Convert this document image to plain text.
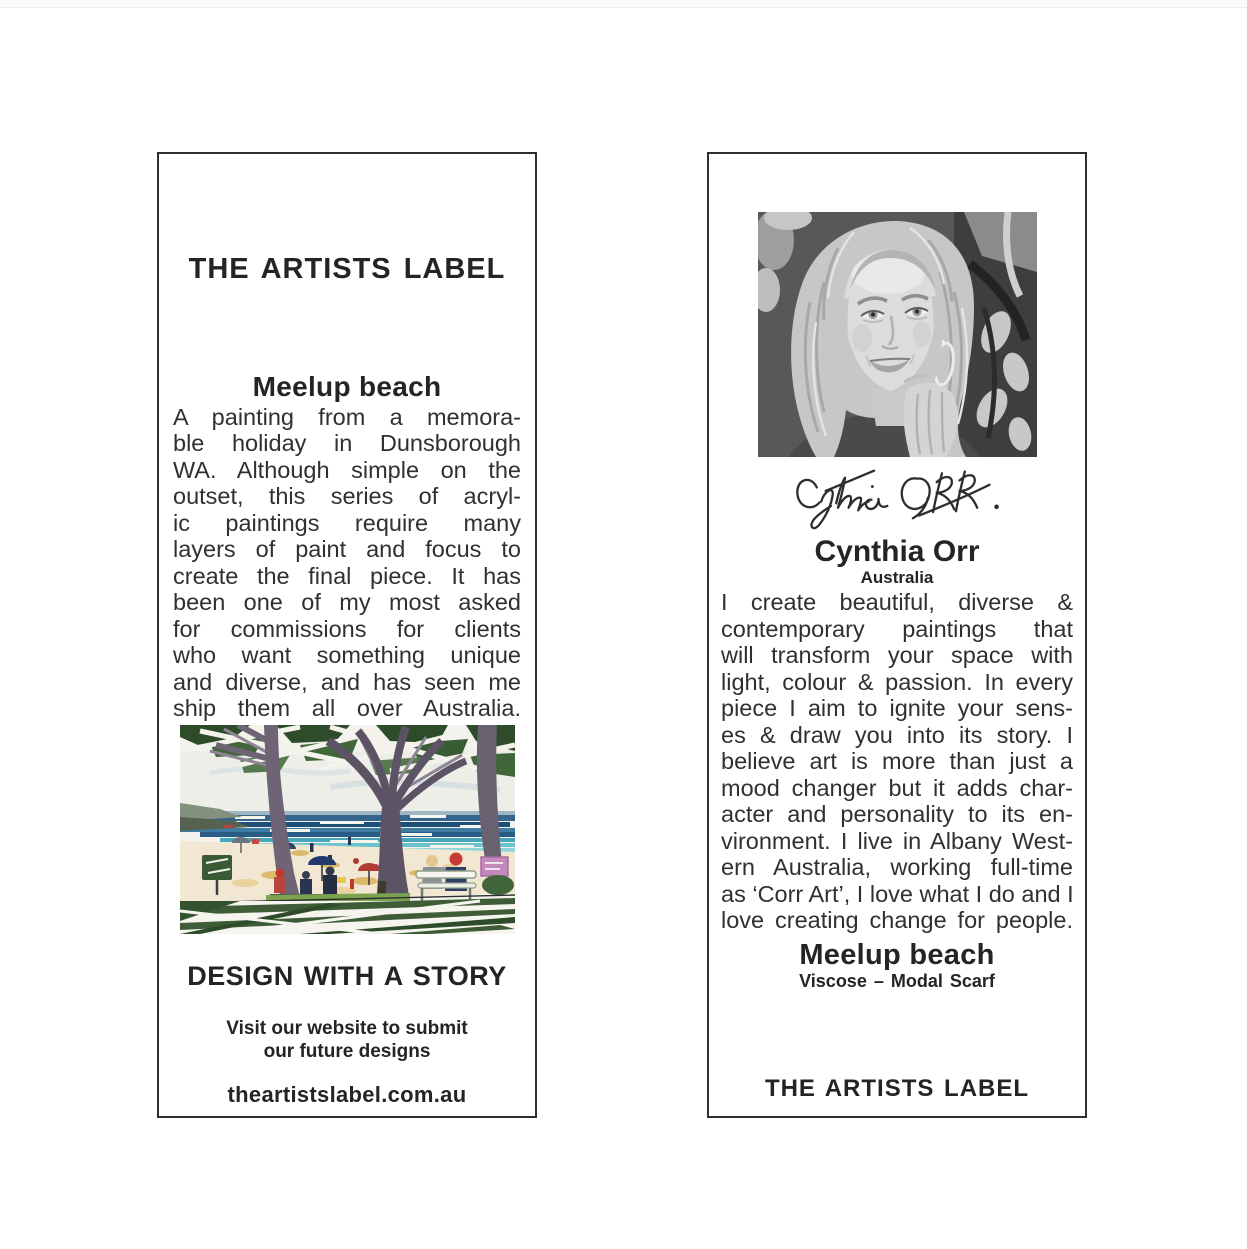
THE ARTISTS LABEL
Meelup beach
A painting from a memora-
ble holiday in Dunsborough
WA. Although simple on the
outset, this series of acryl-
ic paintings require many
layers of paint and focus to
create the final piece. It has
been one of my most asked
for commissions for clients
who want something unique
and diverse, and has seen me
ship them all over Australia.
DESIGN WITH A STORY
Visit our website to submit
our future designs
theartistslabel.com.au
Cynthia Orr
Australia
I create beautiful, diverse &
contemporary paintings that
will transform your space with
light, colour & passion. In every
piece I aim to ignite your sens-
es & draw you into its story. I
believe art is more than just a
mood changer but it adds char-
acter and personality to its en-
vironment. I live in Albany West-
ern Australia, working full-time
as ‘Corr Art’, I love what I do and I
love creating change for people.
Meelup beach
Viscose – Modal Scarf
THE ARTISTS LABEL
